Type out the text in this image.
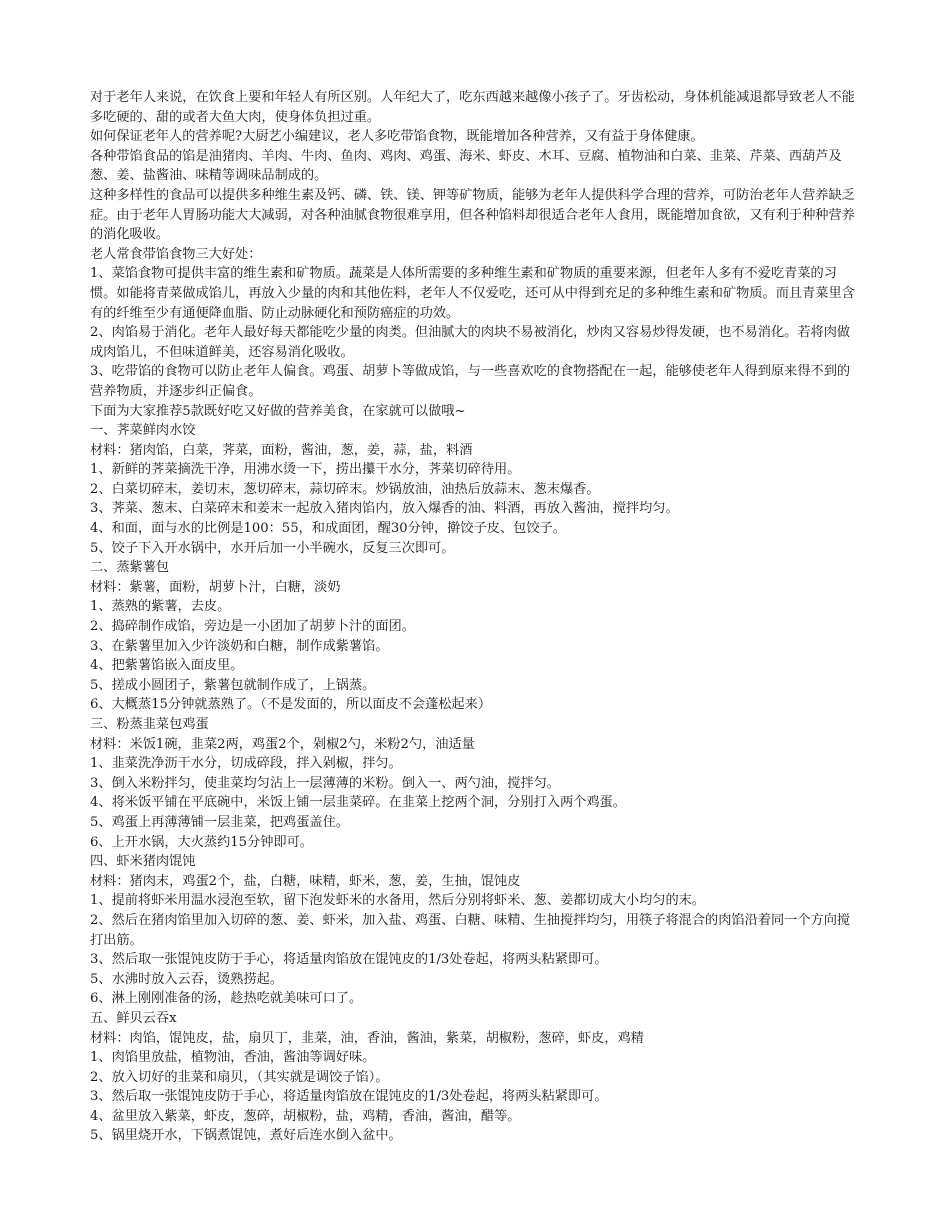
对于老年人来说，在饮食上要和年轻人有所区别。人年纪大了，吃东西越来越像小孩子了。牙齿松动，身体机能减退都导致老人不能多吃硬的、甜的或者大鱼大肉，使身体负担过重。

如何保证老年人的营养呢?大厨艺小编建议，老人多吃带馅食物，既能增加各种营养，又有益于身体健康。

各种带馅食品的馅是油猪肉、羊肉、牛肉、鱼肉、鸡肉、鸡蛋、海米、虾皮、木耳、豆腐、植物油和白菜、韭菜、芹菜、西葫芦及葱、姜、盐酱油、味精等调味品制成的。

这种多样性的食品可以提供多种维生素及钙、磷、铁、镁、钾等矿物质，能够为老年人提供科学合理的营养，可防治老年人营养缺乏症。由于老年人胃肠功能大大减弱，对各种油腻食物很难享用，但各种馅料却很适合老年人食用，既能增加食欲，又有利于种种营养的消化吸收。

老人常食带馅食物三大好处：

1、菜馅食物可提供丰富的维生素和矿物质。蔬菜是人体所需要的多种维生素和矿物质的重要来源，但老年人多有不爱吃青菜的习惯。如能将青菜做成馅儿，再放入少量的肉和其他佐料，老年人不仅爱吃，还可从中得到充足的多种维生素和矿物质。而且青菜里含有的纤维至少有通便降血脂、防止动脉硬化和预防癌症的功效。

2、肉馅易于消化。老年人最好每天都能吃少量的肉类。但油腻大的肉块不易被消化，炒肉又容易炒得发硬，也不易消化。若将肉做成肉馅儿，不但味道鲜美，还容易消化吸收。

3、吃带馅的食物可以防止老年人偏食。鸡蛋、胡萝卜等做成馅，与一些喜欢吃的食物搭配在一起，能够使老年人得到原来得不到的营养物质，并逐步纠正偏食。

下面为大家推荐5款既好吃又好做的营养美食，在家就可以做哦~

一、荠菜鲜肉水饺

材料：猪肉馅，白菜，荠菜，面粉，酱油，葱，姜，蒜，盐，料酒

1、新鲜的荠菜摘洗干净，用沸水烫一下，捞出攥干水分，荠菜切碎待用。

2、白菜切碎末，姜切末，葱切碎末，蒜切碎末。炒锅放油，油热后放蒜末、葱末爆香。

3、荠菜、葱末、白菜碎末和姜末一起放入猪肉馅内，放入爆香的油、料酒，再放入酱油，搅拌均匀。

4、和面，面与水的比例是100：55，和成面团，醒30分钟，擀饺子皮、包饺子。

5、饺子下入开水锅中，水开后加一小半碗水，反复三次即可。

二、蒸紫薯包

材料：紫薯，面粉，胡萝卜汁，白糖，淡奶

1、蒸熟的紫薯，去皮。

2、捣碎制作成馅，旁边是一小团加了胡萝卜汁的面团。

3、在紫薯里加入少许淡奶和白糖，制作成紫薯馅。

4、把紫薯馅嵌入面皮里。

5、搓成小圆团子，紫薯包就制作成了，上锅蒸。

6、大概蒸15分钟就蒸熟了。（不是发面的，所以面皮不会蓬松起来）

三、粉蒸韭菜包鸡蛋

材料：米饭1碗，韭菜2两，鸡蛋2个，剁椒2勺，米粉2勺，油适量

1、韭菜洗净沥干水分，切成碎段，拌入剁椒，拌匀。

3、倒入米粉拌匀，使韭菜均匀沾上一层薄薄的米粉。倒入一、两勺油，搅拌匀。

4、将米饭平铺在平底碗中，米饭上铺一层韭菜碎。在韭菜上挖两个洞，分别打入两个鸡蛋。

5、鸡蛋上再薄薄铺一层韭菜，把鸡蛋盖住。

6、上开水锅，大火蒸约15分钟即可。

四、虾米猪肉馄饨

材料：猪肉末，鸡蛋2个，盐，白糖，味精，虾米，葱，姜，生抽，馄饨皮

1、提前将虾米用温水浸泡至软，留下泡发虾米的水备用，然后分别将虾米、葱、姜都切成大小均匀的末。

2、然后在猪肉馅里加入切碎的葱、姜、虾米，加入盐、鸡蛋、白糖、味精、生抽搅拌均匀，用筷子将混合的肉馅沿着同一个方向搅打出筋。

3、然后取一张馄饨皮防于手心，将适量肉馅放在馄饨皮的1/3处卷起，将两头粘紧即可。

5、水沸时放入云吞，烫熟捞起。

6、淋上刚刚准备的汤，趁热吃就美味可口了。

五、鲜贝云吞x

材料：肉馅，馄饨皮，盐，扇贝丁，韭菜，油，香油，酱油，紫菜，胡椒粉，葱碎，虾皮，鸡精

1、肉馅里放盐，植物油，香油，酱油等调好味。

2、放入切好的韭菜和扇贝，（其实就是调饺子馅）。

3、然后取一张馄饨皮防于手心，将适量肉馅放在馄饨皮的1/3处卷起，将两头粘紧即可。

4、盆里放入紫菜，虾皮，葱碎，胡椒粉，盐，鸡精，香油，酱油，醋等。

5、锅里烧开水，下锅煮馄饨，煮好后连水倒入盆中。
